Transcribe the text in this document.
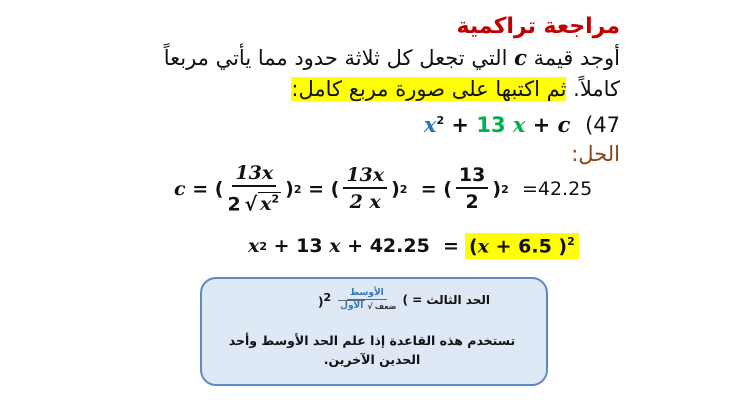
مراجعة تراكمية
أوجد قيمة c التي تجعل كل ثلاثة حدود مما يأتي مربعاً
كاملاً. ثم اكتبها على صورة مربع كامل:
47)  $x^2 + 13$ x + c
الحل:
c
=
( $\frac{13x}{2 √ x^2}$ ) 2
=
( $\frac{13x}{2 x}$ ) 2
=
( $\frac{13}{2}$ ) 2
=42.25
x 2
+ 13
x
+ 42.25
= (x + 6.5 )$^2$
)$^2$ الأوسط
ضعف
√
الأول (
=
الحد الثالث
تستخدم هذه القاعدة إذا علم الحد الأوسط وأحد الحدين الآخرين.
